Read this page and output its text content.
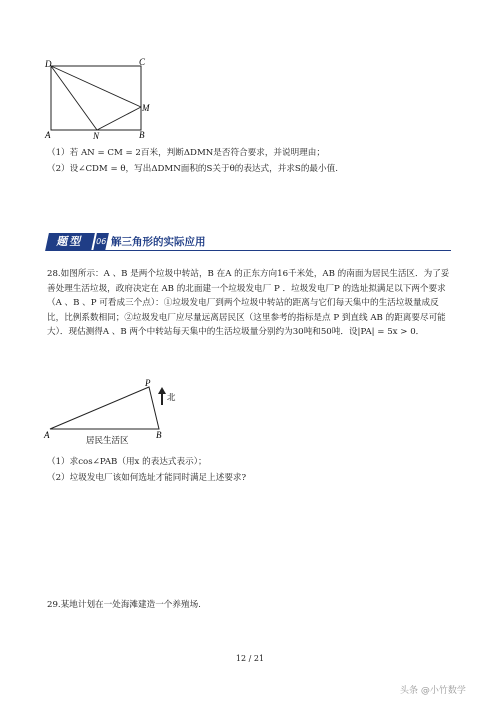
D	C
M
A	N	B
（1）若 AN = CM = 2百米，判断ΔDMN是否符合要求，并说明理由；
（2）设∠CDM = θ，写出ΔDMN面积的S关于θ的表达式，并求S的最小值.
题型	06 解三角形的实际应用
28.如图所示：A 、B 是两个垃圾中转站，B 在A 的正东方向16千米处，AB 的南面为居民生活区．为了妥
善处理生活垃圾，政府决定在 AB 的北面建一个垃圾发电厂 P ．垃圾发电厂P 的选址拟满足以下两个要求
（A 、B 、P 可看成三个点）：①垃圾发电厂到两个垃圾中转站的距离与它们每天集中的生活垃圾量成反
比，比例系数相同；②垃圾发电厂应尽量远离居民区（这里参考的指标是点 P 到直线 AB 的距离要尽可能
大）．现估测得A 、B 两个中转站每天集中的生活垃圾量分别约为30吨和50吨．设|PA| = 5x > 0．
P
A	B
北
居民生活区
（1）求cos∠PAB（用x 的表达式表示）；
（2）垃圾发电厂该如何选址才能同时满足上述要求?
29.某地计划在一处海滩建造一个养殖场.
12 / 21
头条 @小竹数学
